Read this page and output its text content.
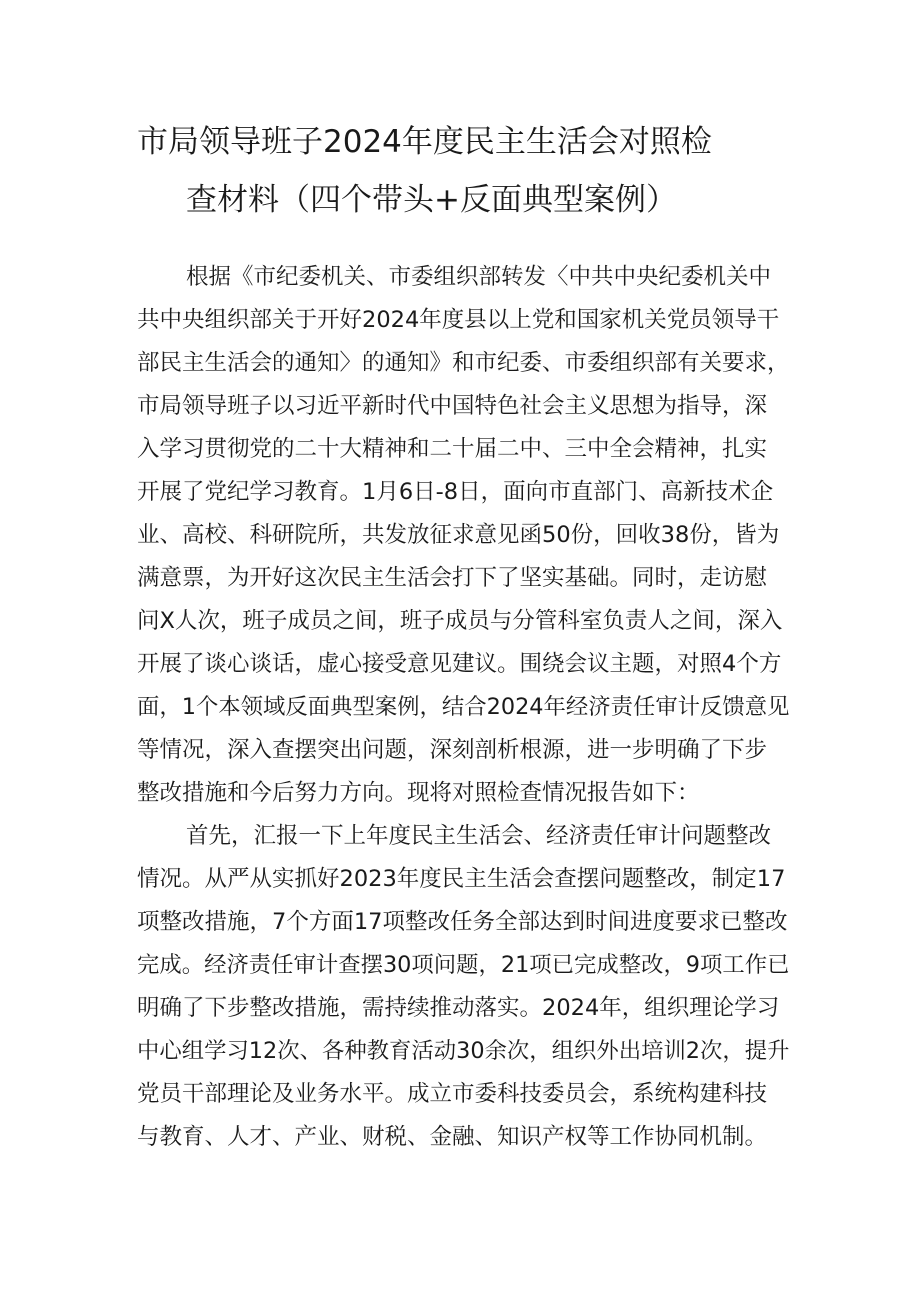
市局领导班子2024年度民主生活会对照检
查材料（四个带头+反面典型案例）

根据《市纪委机关、市委组织部转发〈中共中央纪委机关中

共中央组织部关于开好2024年度县以上党和国家机关党员领导干

部民主生活会的通知〉的通知》和市纪委、市委组织部有关要求，

市局领导班子以习近平新时代中国特色社会主义思想为指导，深

入学习贯彻党的二十大精神和二十届二中、三中全会精神，扎实

开展了党纪学习教育。1月6日-8日，面向市直部门、高新技术企

业、高校、科研院所，共发放征求意见函50份，回收38份，皆为

满意票，为开好这次民主生活会打下了坚实基础。同时，走访慰

问X人次，班子成员之间，班子成员与分管科室负责人之间，深入

开展了谈心谈话，虚心接受意见建议。围绕会议主题，对照4个方

面，1个本领域反面典型案例，结合2024年经济责任审计反馈意见

等情况，深入查摆突出问题，深刻剖析根源，进一步明确了下步

整改措施和今后努力方向。现将对照检查情况报告如下：

首先，汇报一下上年度民主生活会、经济责任审计问题整改

情况。从严从实抓好2023年度民主生活会查摆问题整改，制定17

项整改措施，7个方面17项整改任务全部达到时间进度要求已整改

完成。经济责任审计查摆30项问题，21项已完成整改，9项工作已

明确了下步整改措施，需持续推动落实。2024年，组织理论学习

中心组学习12次、各种教育活动30余次，组织外出培训2次，提升

党员干部理论及业务水平。成立市委科技委员会，系统构建科技

与教育、人才、产业、财税、金融、知识产权等工作协同机制。
